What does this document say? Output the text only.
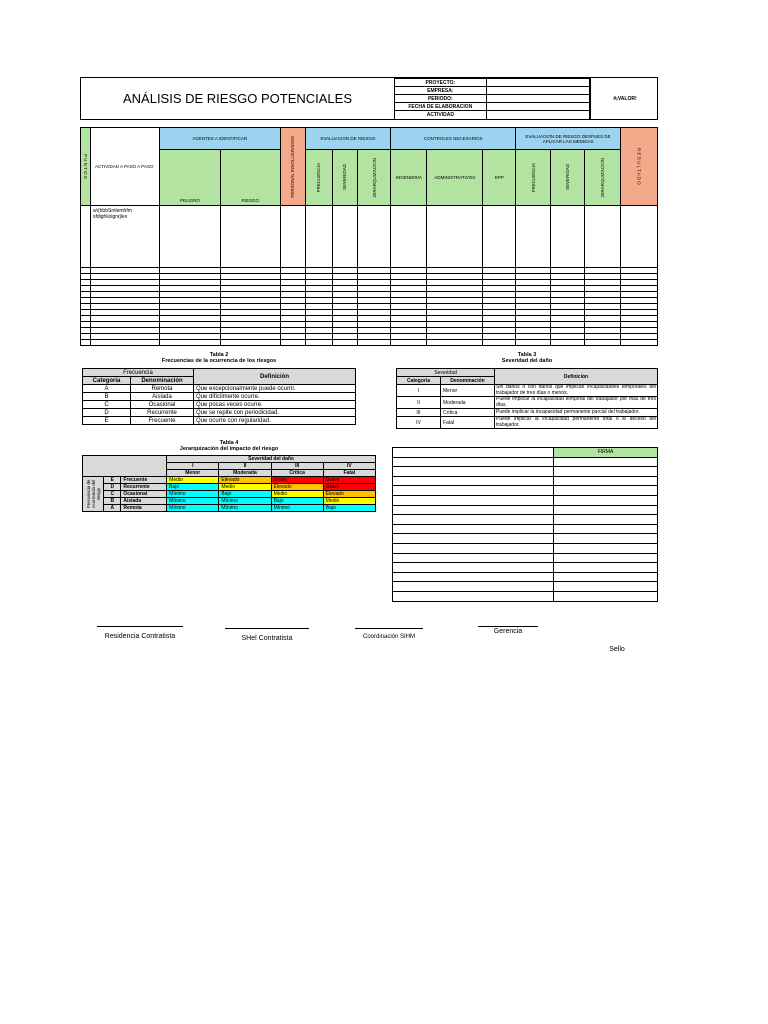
ANÁLISIS DE RIESGO POTENCIALES
PROYECTO:	
EMPRESA:	
PERIODO:	
FECHA DE ELABORACION	
ACTIVIDAD	
#¡VALOR!
P U N T O S	ACTIVIDAD A PASO A PASO	AGENTES A IDENTIFICAR		PERSONAL INVOLUCRADOS	EVALUACION DE RIESGO			CONTROLES NECESARIOS			EVALUACION DE RIESGO DESPUES DE APLICAR LAS MEDIDAS			R E S U L T A D O

		PELIGRO	RIESGO		FRECUENCIA	SEVERIDAD	JERARQUIZACION	INGENIERIA	ADMINISTRATIVOS	EPP	FRECUENCIA	SEVERIDAD	JERARQUIZACION	

	w\(hbbSmlemhfm sfdighkslgnrjlex													

Tabla 2
Frecuencias de la ocurrencia de los riesgos
Frecuencia		Definición
Categoria	Denominación	
A	Remota	Que excepcionalmente puede ocurrir.
B	Aislada	Que difícilmente ocurre.
C	Ocasional	Que pocas veces ocurre.
D	Recurrente	Que se repite con periodicidad.
E	Frecuente	Que ocurre con regularidad.
Tabla 3
Severidad del daño
Severidad		Definición
Categoria	Denominación	
I	Menor	Sin daños o con daños que implican incapacidades temporales del trabajador de tres días o menos.
II	Moderada	Puede implicar la incapacidad temporal del trabajador por más de tres días.
III	Crítica	Puede implicar la incapacidad permanente parcial del trabajador.
IV	Fatal	Puede implicar la incapacidad permanente total o el deceso del trabajador.
Tabla 4
Jerarquización del impacto del riesgo
			Severidad del daño			
			I	II	III	IV
			Menor	Moderada	Crítica	Fatal

Frecuencia de ocurrencia del riesgo	E	Frecuente	Medio	Elevado	Grave	Grave
	D	Recurrente	Bajo	Medio	Elevado	Grave
	C	Ocasional	Mínimo	Bajo	Medio	Elevado
	B	Aislada	Mínimo	Mínimo	Bajo	Medio
	A	Remota	Mínimo	Mínimo	Mínimo	Bajo
	FIRMA

Residencia Contratista	SHel Contratista	Coordinación SIHM
Gerencia
Sello
